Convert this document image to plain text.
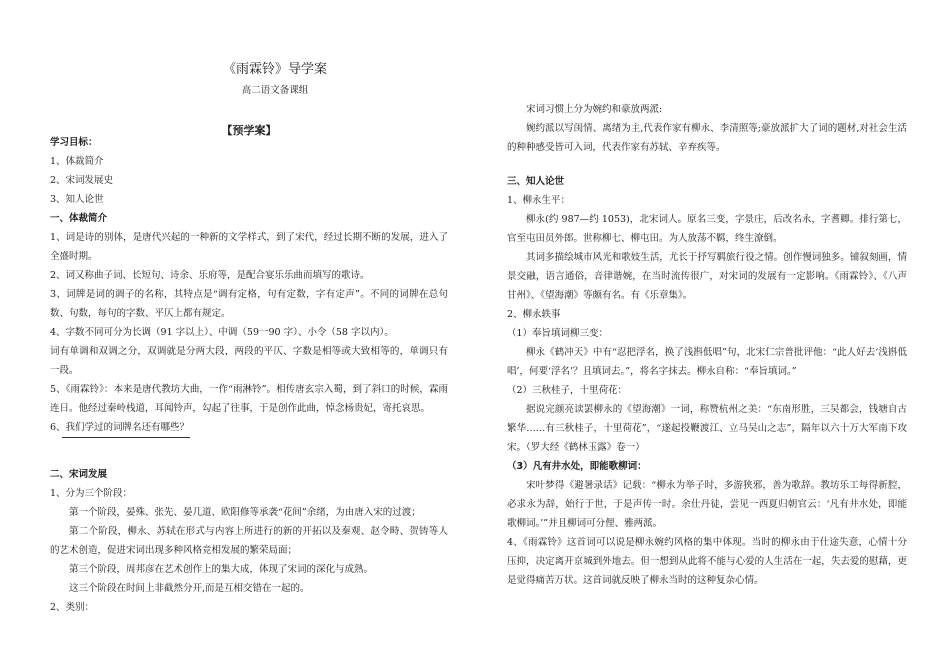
《雨霖铃》导学案
高二语文备课组
【预学案】

学习目标：

1、体裁简介

2、宋词发展史

3、知人论世

一、体裁简介

1、词是诗的别体，是唐代兴起的一种新的文学样式，到了宋代，经过长期不断的发展，进入了全盛时期。

2、词又称曲子词、长短句、诗余、乐府等，是配合宴乐乐曲而填写的歌诗。

3、词牌是词的调子的名称，其特点是“调有定格，句有定数，字有定声”。不同的词牌在总句数、句数，每句的字数、平仄上都有规定。

4、字数不同可分为长调（91 字以上）、中调（59一90 字）、小令（58 字以内）。

词有单调和双调之分，双调就是分两大段，两段的平仄、字数是相等或大致相等的，单调只有一段。

5、《雨霖铃》：本来是唐代教坊大曲，一作“雨淋铃”。相传唐玄宗入蜀，到了斜口的时候，霖雨连日。他经过秦岭栈道，耳闻铃声，勾起了往事，于是创作此曲，悼念杨贵妃，寄托哀思。

6、我们学过的词牌名还有哪些？

二、宋词发展

1、分为三个阶段：

第一个阶段，晏殊、张先、晏几道、欧阳修等承袭“花间”余绪，为由唐入宋的过渡；

第二个阶段，柳永、苏轼在形式与内容上所进行的新的开拓以及秦观、赵令畤、贺铸等人的艺术创造，促进宋词出现多种风格竞相发展的繁荣局面；

第三个阶段，周邦彦在艺术创作上的集大成，体现了宋词的深化与成熟。

这三个阶段在时间上非截然分开,而是互相交错在一起的。

2、类别：

宋词习惯上分为婉约和豪放两派:

婉约派以写闺情、离绪为主,代表作家有柳永、李清照等;豪放派扩大了词的题材,对社会生活的种种感受皆可入词，代表作家有苏轼、辛弃疾等。

三、知人论世

1、柳永生平：

柳永(约 987—约 1053)，北宋词人。原名三变，字景庄，后改名永，字耆卿。排行第七，官至屯田员外郎。世称柳七、柳屯田。为人放荡不羁，终生潦倒。

其词多描绘城市风光和歌妓生活，尤长于抒写羁旅行役之情。创作慢词独多。铺叙刻画，情景交融，语言通俗，音律谐婉，在当时流传很广，对宋词的发展有一定影响。《雨霖铃》、《八声甘州》、《望海潮》等颇有名。有《乐章集》。

2、柳永轶事

（1）奉旨填词柳三变：

柳永《鹤冲天》中有“忍把浮名，换了浅斟低唱”句，北宋仁宗普批评他：“此人好去‘浅斟低唱’，何要‘浮名’？且填词去。”，将名字抹去。柳永自称：“奉旨填词。”

（2）三秋桂子，十里荷花：

据说完颜亮读罢柳永的《望海潮》一词，称赞杭州之美：“东南形胜，三吴都会，钱塘自古繁华……有三秋桂子，十里荷花”，“遂起投鞭渡江、立马吴山之志”，隔年以六十万大军南下攻宋。（罗大经《鹤林玉露》卷一）

（3）凡有井水处，即能歌柳词：

宋叶梦得《避暑录话》记载：“柳永为举子时，多游狭邪，善为歌辞。教坊乐工每得新腔，必求永为辞，始行于世，于是声传一时。余仕丹徒，尝见一西夏归朝官云：‘凡有井水处，即能歌柳词。’”并且柳词可分俚、雅两派。

4、《雨霖铃》这首词可以说是柳永婉约风格的集中体现。当时的柳永由于仕途失意，心情十分压抑，决定离开京城到外地去。但一想到从此将不能与心爱的人生活在一起，失去爱的慰藉，更是觉得痛苦万状。这首词就反映了柳永当时的这种复杂心情。
